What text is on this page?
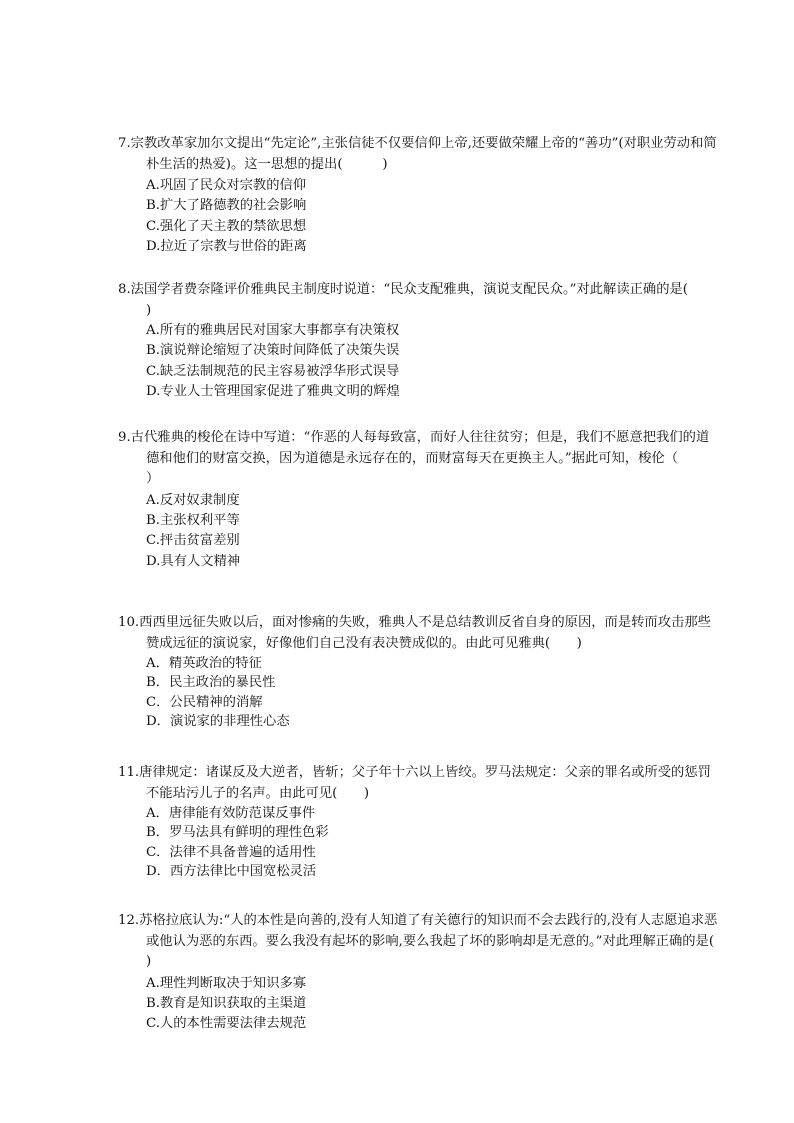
7.宗教改革家加尔文提出“先定论”,主张信徒不仅要信仰上帝,还要做荣耀上帝的“善功”(对职业劳动和简朴生活的热爱)。这一思想的提出(　　　)

A.巩固了民众对宗教的信仰
B.扩大了路德教的社会影响
C.强化了天主教的禁欲思想
D.拉近了宗教与世俗的距离

8.法国学者费奈隆评价雅典民主制度时说道：“民众支配雅典，演说支配民众。”对此解读正确的是(　　)

A.所有的雅典居民对国家大事都享有决策权
B.演说辩论缩短了决策时间降低了决策失误
C.缺乏法制规范的民主容易被浮华形式误导
D.专业人士管理国家促进了雅典文明的辉煌

9.古代雅典的梭伦在诗中写道：“作恶的人每每致富，而好人往往贫穷；但是，我们不愿意把我们的道德和他们的财富交换，因为道德是永远存在的，而财富每天在更换主人。”据此可知，梭伦（　　　　）

A.反对奴隶制度
B.主张权利平等
C.抨击贫富差别
D.具有人文精神

10.西西里远征失败以后，面对惨痛的失败，雅典人不是总结教训反省自身的原因，而是转而攻击那些赞成远征的演说家，好像他们自己没有表决赞成似的。由此可见雅典(　　)

A．精英政治的特征
B．民主政治的暴民性
C．公民精神的消解
D．演说家的非理性心态

11.唐律规定：诸谋反及大逆者，皆斩；父子年十六以上皆绞。罗马法规定：父亲的罪名或所受的惩罚不能玷污儿子的名声。由此可见(　　)

A．唐律能有效防范谋反事件
B．罗马法具有鲜明的理性色彩
C．法律不具备普遍的适用性
D．西方法律比中国宽松灵活

12.苏格拉底认为:“人的本性是向善的,没有人知道了有关德行的知识而不会去践行的,没有人志愿追求恶或他认为恶的东西。要么我没有起坏的影响,要么我起了坏的影响却是无意的。”对此理解正确的是(　　)

A.理性判断取决于知识多寡
B.教育是知识获取的主渠道
C.人的本性需要法律去规范
